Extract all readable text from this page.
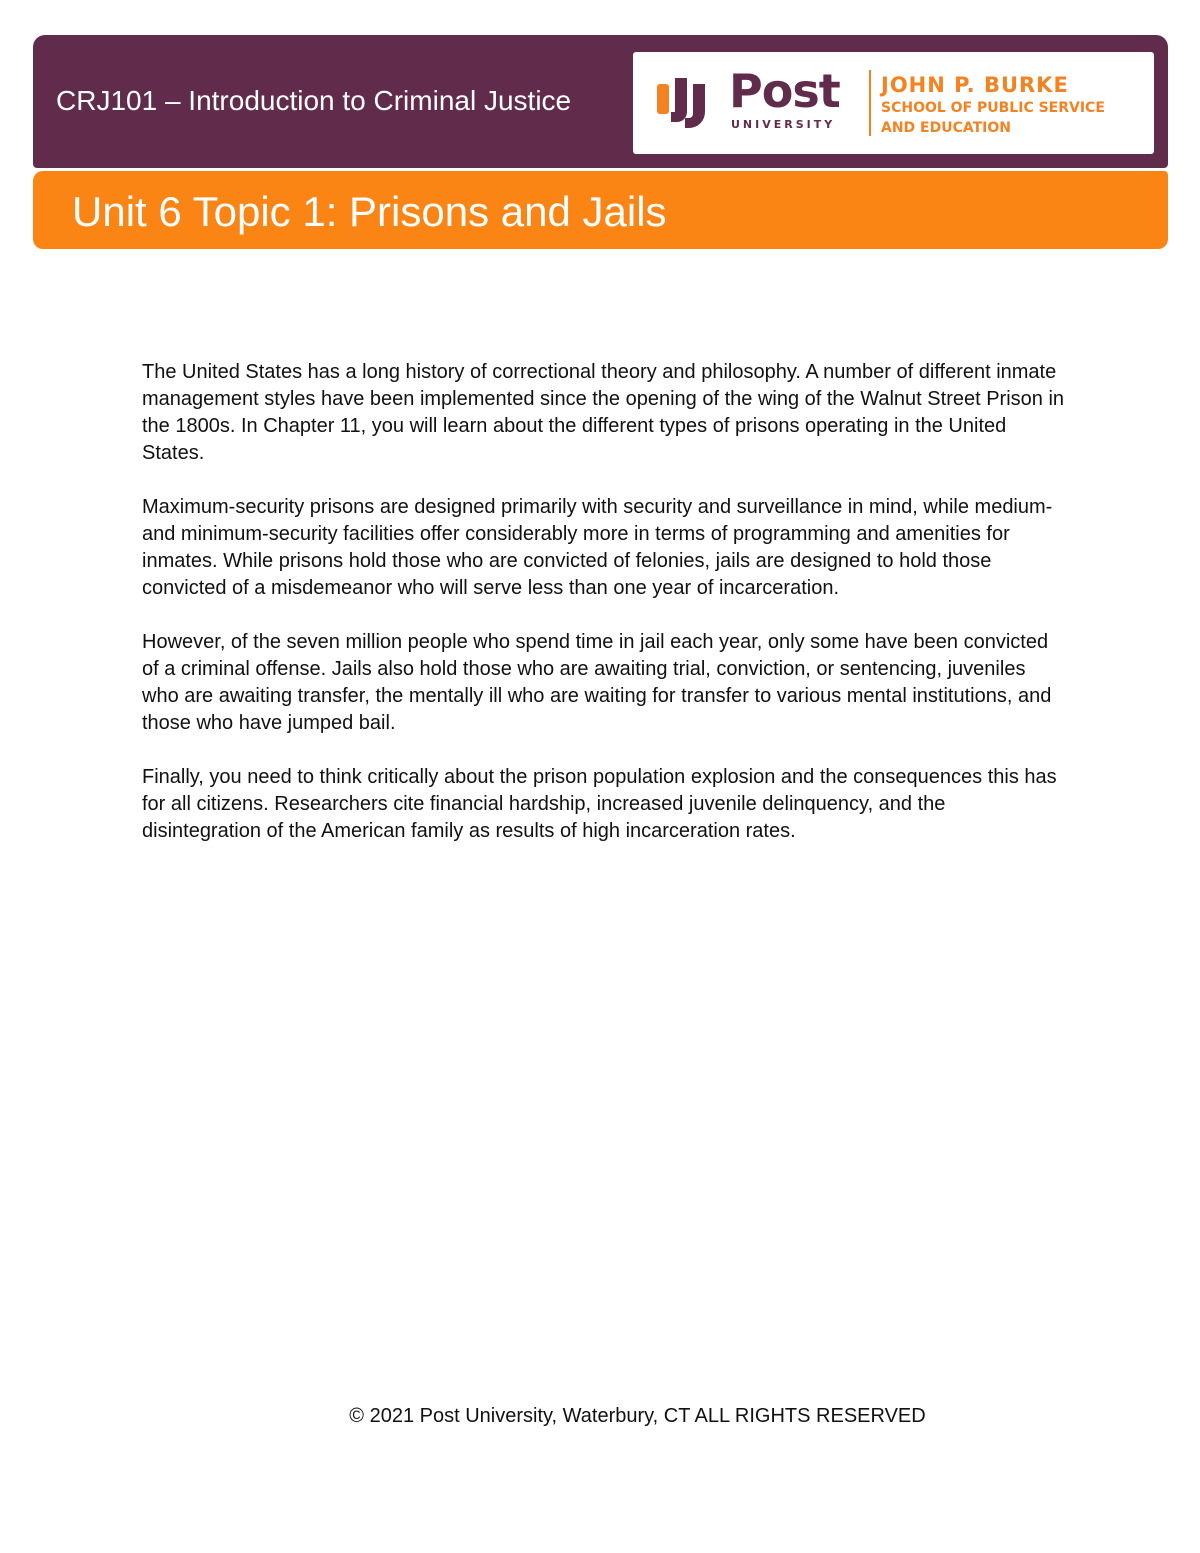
CRJ101 – Introduction to Criminal Justice	Post
UNIVERSITY
JOHN P. BURKE
SCHOOL OF PUBLIC SERVICE
AND EDUCATION
Unit 6 Topic 1: Prisons and Jails

The United States has a long history of correctional theory and philosophy. A number of different inmate management styles have been implemented since the opening of the wing of the Walnut Street Prison in the 1800s. In Chapter 11, you will learn about the different types of prisons operating in the United States.

Maximum-security prisons are designed primarily with security and surveillance in mind, while medium- and minimum-security facilities offer considerably more in terms of programming and amenities for inmates. While prisons hold those who are convicted of felonies, jails are designed to hold those convicted of a misdemeanor who will serve less than one year of incarceration.

However, of the seven million people who spend time in jail each year, only some have been convicted of a criminal offense. Jails also hold those who are awaiting trial, conviction, or sentencing, juveniles who are awaiting transfer, the mentally ill who are waiting for transfer to various mental institutions, and those who have jumped bail.

Finally, you need to think critically about the prison population explosion and the consequences this has for all citizens. Researchers cite financial hardship, increased juvenile delinquency, and the disintegration of the American family as results of high incarceration rates.

© 2021 Post University, Waterbury, CT ALL RIGHTS RESERVED
